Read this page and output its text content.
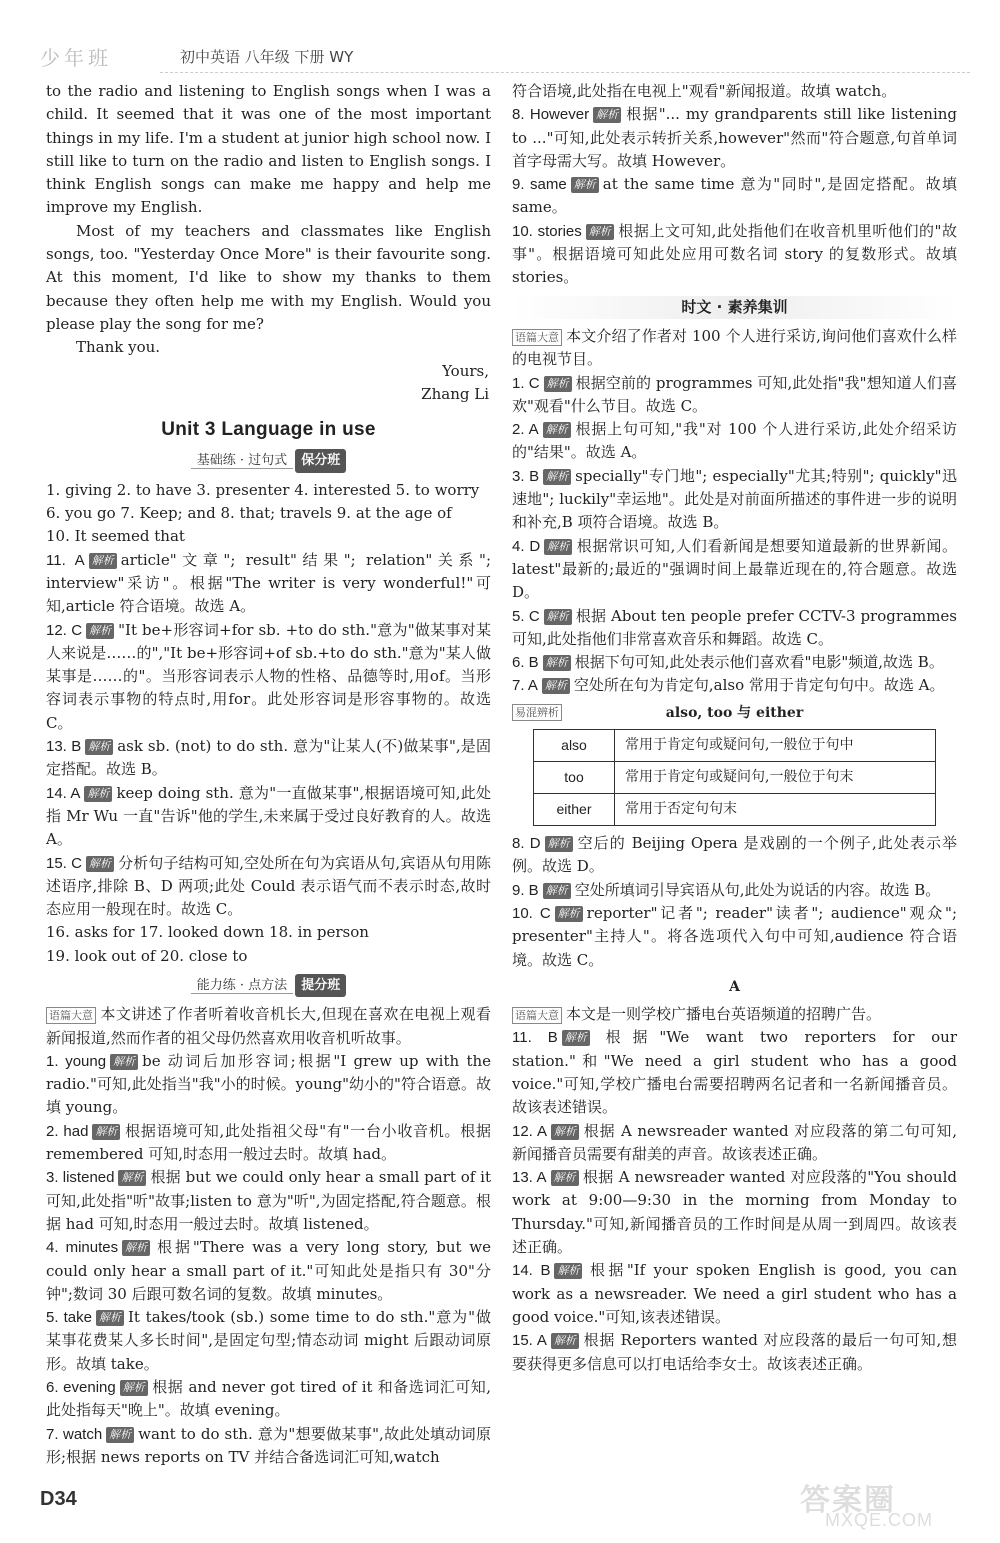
少年班	初中英语 八年级 下册 WY

to the radio and listening to English songs when I was a child. It seemed that it was one of the most important things in my life. I'm a student at junior high school now. I still like to turn on the radio and listen to English songs. I think English songs can make me happy and help me improve my English.

Most of my teachers and classmates like English songs, too. "Yesterday Once More" is their favourite song. At this moment, I'd like to show my thanks to them because they often help me with my English. Would you please play the song for me?

Thank you.

Yours,

Zhang Li

Unit 3 Language in use
基础练 · 过句式 保分班

1. giving 2. to have 3. presenter 4. interested 5. to worry

6. you go 7. Keep; and 8. that; travels 9. at the age of

10. It seemed that

11. A 解析 article"文章"; result"结果"; relation"关系"; interview"采访"。根据"The writer is very wonderful!"可知,article 符合语境。故选 A。

12. C 解析 "It be+形容词+for sb. +to do sth."意为"做某事对某人来说是……的","It be+形容词+of sb.+to do sth."意为"某人做某事是……的"。当形容词表示人物的性格、品德等时,用of。当形容词表示事物的特点时,用for。此处形容词是形容事物的。故选 C。

13. B 解析 ask sb. (not) to do sth. 意为"让某人(不)做某事",是固定搭配。故选 B。

14. A 解析 keep doing sth. 意为"一直做某事",根据语境可知,此处指 Mr Wu 一直"告诉"他的学生,未来属于受过良好教育的人。故选 A。

15. C 解析 分析句子结构可知,空处所在句为宾语从句,宾语从句用陈述语序,排除 B、D 两项;此处 Could 表示语气而不表示时态,故时态应用一般现在时。故选 C。

16. asks for 17. looked down 18. in person

19. look out of 20. close to

能力练 · 点方法 提分班

语篇大意 本文讲述了作者听着收音机长大,但现在喜欢在电视上观看新闻报道,然而作者的祖父母仍然喜欢用收音机听故事。

1. young 解析 be 动词后加形容词;根据"I grew up with the radio."可知,此处指当"我"小的时候。young"幼小的"符合语意。故填 young。

2. had 解析 根据语境可知,此处指祖父母"有"一台小收音机。根据 remembered 可知,时态用一般过去时。故填 had。

3. listened 解析 根据 but we could only hear a small part of it 可知,此处指"听"故事;listen to 意为"听",为固定搭配,符合题意。根据 had 可知,时态用一般过去时。故填 listened。

4. minutes 解析 根据"There was a very long story, but we could only hear a small part of it."可知此处是指只有 30"分钟";数词 30 后跟可数名词的复数。故填 minutes。

5. take 解析 It takes/took (sb.) some time to do sth."意为"做某事花费某人多长时间",是固定句型;情态动词 might 后跟动词原形。故填 take。

6. evening 解析 根据 and never got tired of it 和备选词汇可知,此处指每天"晚上"。故填 evening。

7. watch 解析 want to do sth. 意为"想要做某事",故此处填动词原形;根据 news reports on TV 并结合备选词汇可知,watch

符合语境,此处指在电视上"观看"新闻报道。故填 watch。

8. However 解析 根据"... my grandparents still like listening to ..."可知,此处表示转折关系,however"然而"符合题意,句首单词首字母需大写。故填 However。

9. same 解析 at the same time 意为"同时",是固定搭配。故填 same。

10. stories 解析 根据上文可知,此处指他们在收音机里听他们的"故事"。根据语境可知此处应用可数名词 story 的复数形式。故填 stories。

时文 · 素养集训

语篇大意 本文介绍了作者对 100 个人进行采访,询问他们喜欢什么样的电视节目。

1. C 解析 根据空前的 programmes 可知,此处指"我"想知道人们喜欢"观看"什么节目。故选 C。

2. A 解析 根据上句可知,"我"对 100 个人进行采访,此处介绍采访的"结果"。故选 A。

3. B 解析 specially"专门地"; especially"尤其;特别"; quickly"迅速地"; luckily"幸运地"。此处是对前面所描述的事件进一步的说明和补充,B 项符合语境。故选 B。

4. D 解析 根据常识可知,人们看新闻是想要知道最新的世界新闻。latest"最新的;最近的"强调时间上最靠近现在的,符合题意。故选 D。

5. C 解析 根据 About ten people prefer CCTV-3 programmes 可知,此处指他们非常喜欢音乐和舞蹈。故选 C。

6. B 解析 根据下句可知,此处表示他们喜欢看"电影"频道,故选 B。

7. A 解析 空处所在句为肯定句,also 常用于肯定句句中。故选 A。

易混辨析	also, too 与 either
also	常用于肯定句或疑问句,一般位于句中
too	常用于肯定句或疑问句,一般位于句末
either	常用于否定句句末

8. D 解析 空后的 Beijing Opera 是戏剧的一个例子,此处表示举例。故选 D。

9. B 解析 空处所填词引导宾语从句,此处为说话的内容。故选 B。

10. C 解析 reporter"记者"; reader"读者"; audience"观众"; presenter"主持人"。将各选项代入句中可知,audience 符合语境。故选 C。

A

语篇大意 本文是一则学校广播电台英语频道的招聘广告。

11. B 解析 根据"We want two reporters for our station."和"We need a girl student who has a good voice."可知,学校广播电台需要招聘两名记者和一名新闻播音员。故该表述错误。

12. A 解析 根据 A newsreader wanted 对应段落的第二句可知,新闻播音员需要有甜美的声音。故该表述正确。

13. A 解析 根据 A newsreader wanted 对应段落的"You should work at 9:00—9:30 in the morning from Monday to Thursday."可知,新闻播音员的工作时间是从周一到周四。故该表述正确。

14. B 解析 根据"If your spoken English is good, you can work as a newsreader. We need a girl student who has a good voice."可知,该表述错误。

15. A 解析 根据 Reporters wanted 对应段落的最后一句可知,想要获得更多信息可以打电话给李女士。故该表述正确。

D34	答案圈
MXQE.COM
